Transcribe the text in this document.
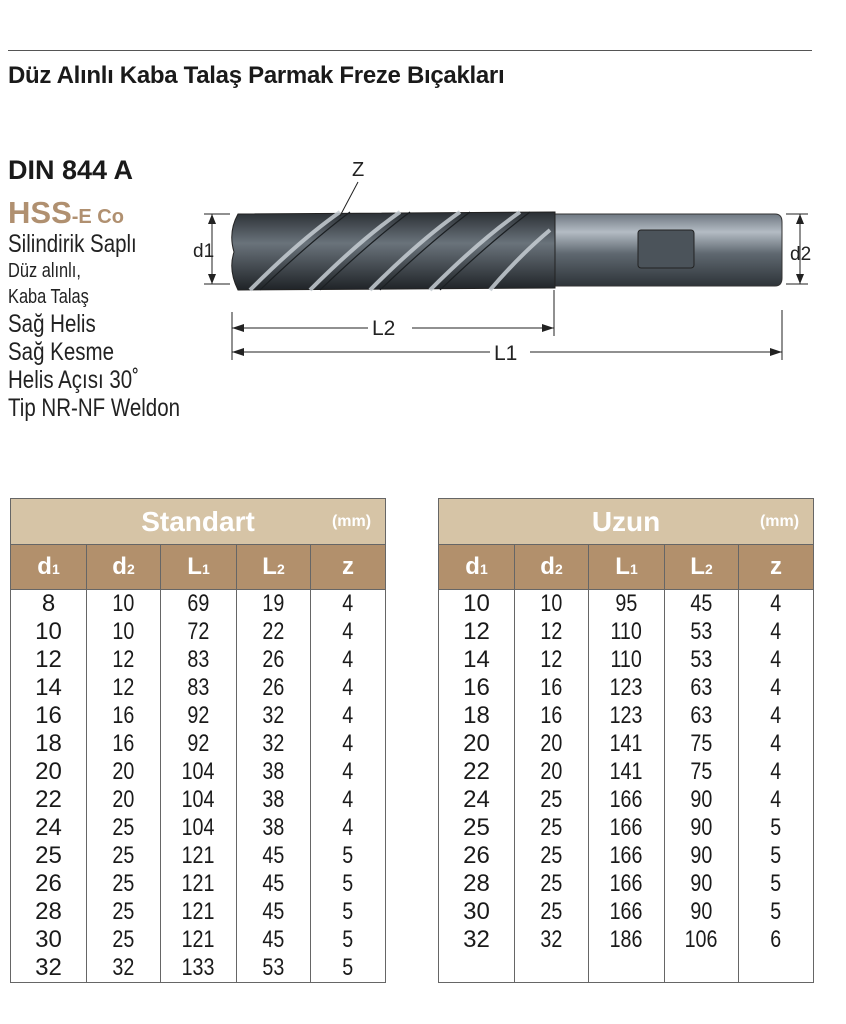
Düz Alınlı Kaba Talaş Parmak Freze Bıçakları
DIN 844 A
HSS-E Co
Silindirik Saplı
Düz alınlı,
Kaba Talaş
Sağ Helis
Sağ Kesme
Helis Açısı 30˚
Tip NR-NF Weldon
Z
d1	d2
L2
L1
Standart (mm)				

d1	d2	L1	L2	z
8	10	69	19	4
10	10	72	22	4
12	12	83	26	4
14	12	83	26	4
16	16	92	32	4
18	16	92	32	4
20	20	104	38	4
22	20	104	38	4
24	25	104	38	4
25	25	121	45	5
26	25	121	45	5
28	25	121	45	5
30	25	121	45	5
32	32	133	53	5
Uzun (mm)				

d1	d2	L1	L2	z
10	10	95	45	4
12	12	110	53	4
14	12	110	53	4
16	16	123	63	4
18	16	123	63	4
20	20	141	75	4
22	20	141	75	4
24	25	166	90	4
25	25	166	90	5
26	25	166	90	5
28	25	166	90	5
30	25	166	90	5
32	32	186	106	6
